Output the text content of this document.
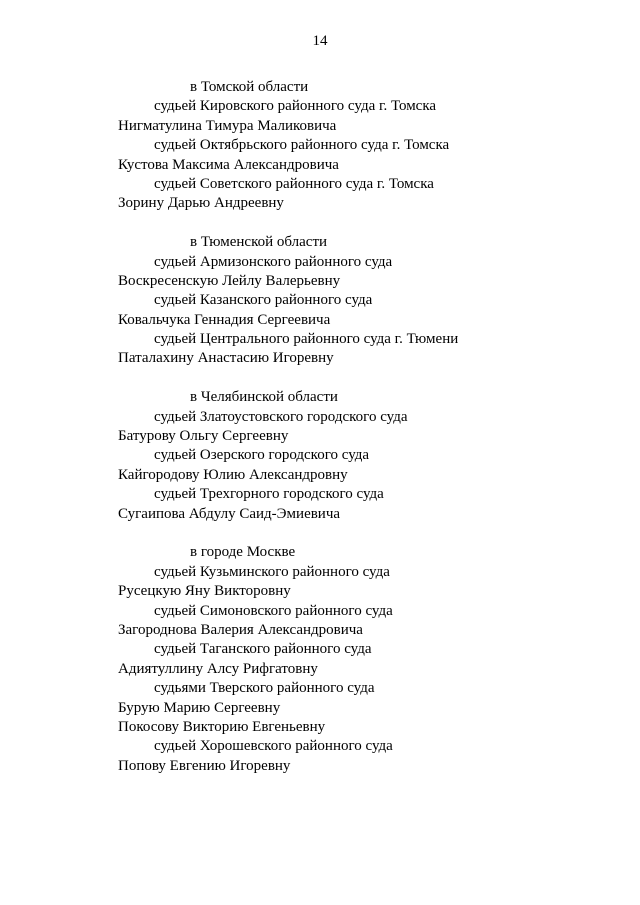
14
в Томской области
судьей Кировского районного суда г. Томска
Нигматулина Тимура Маликовича
судьей Октябрьского районного суда г. Томска
Кустова Максима Александровича
судьей Советского районного суда г. Томска
Зорину Дарью Андреевну
в Тюменской области
судьей Армизонского районного суда
Воскресенскую Лейлу Валерьевну
судьей Казанского районного суда
Ковальчука Геннадия Сергеевича
судьей Центрального районного суда г. Тюмени
Паталахину Анастасию Игоревну
в Челябинской области
судьей Златоустовского городского суда
Батурову Ольгу Сергеевну
судьей Озерского городского суда
Кайгородову Юлию Александровну
судьей Трехгорного городского суда
Сугаипова Абдулу Саид-Эмиевича
в городе Москве
судьей Кузьминского районного суда
Русецкую Яну Викторовну
судьей Симоновского районного суда
Загороднова Валерия Александровича
судьей Таганского районного суда
Адиятуллину Алсу Рифгатовну
судьями Тверского районного суда
Бурую Марию Сергеевну
Покосову Викторию Евгеньевну
судьей Хорошевского районного суда
Попову Евгению Игоревну
